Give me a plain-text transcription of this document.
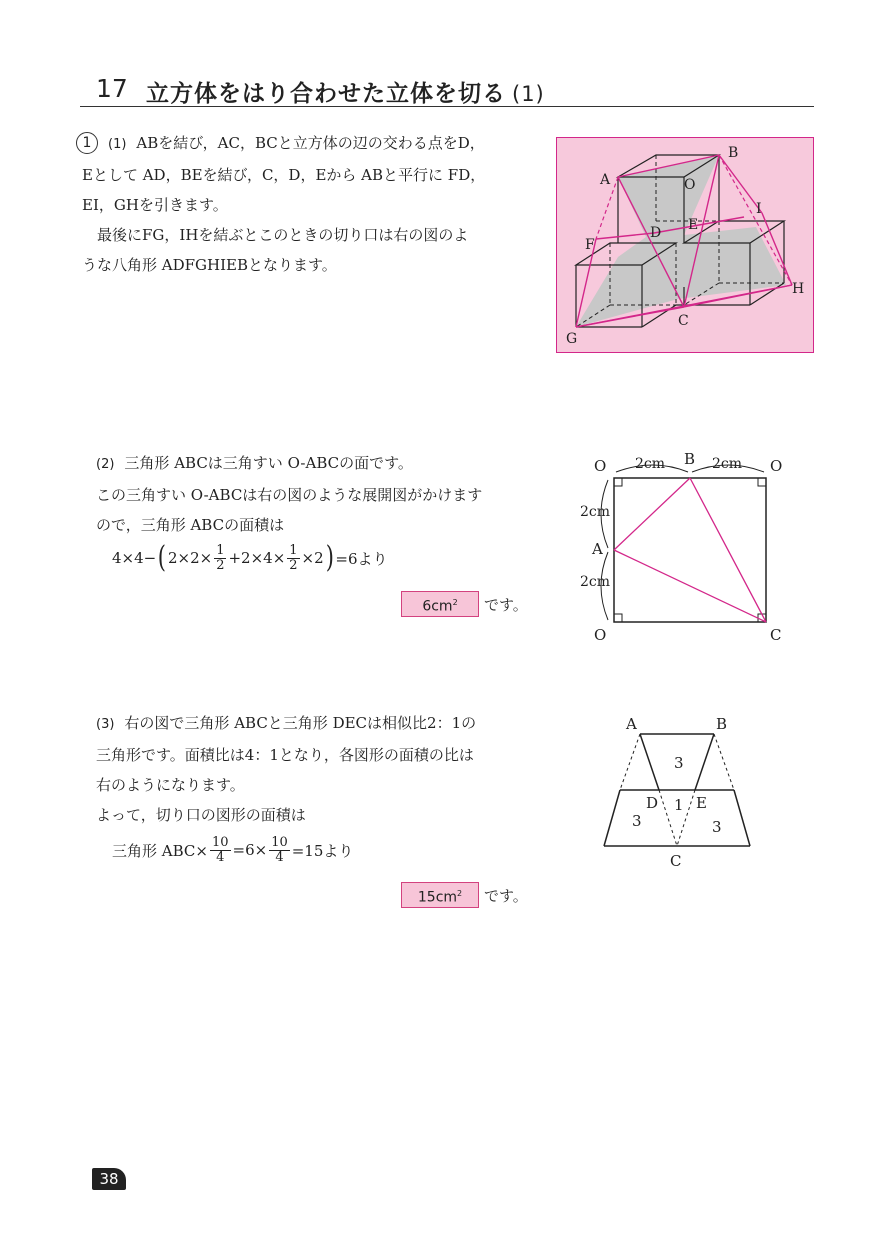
17 立方体をはり合わせた立体を切る (1)
1	(1) ABを結び，AC，BCと立方体の辺の交わる点をD，
Eとして AD，BEを結び，C，D，Eから ABと平行に FD，
EI，GHを引きます。
最後にFG，IHを結ぶとこのときの切り口は右の図のよ
うな八角形 ADFGHIEBとなります。
A
B
O
I
D E
F
H
C
G
(2) 三角形 ABCは三角すい O-ABCの面です。
この三角すい O-ABCは右の図のような展開図がかけます
ので，三角形 ABCの面積は
4×4− ( $2\times 2\times \frac{1}{2} +2\times 4\times \frac{1}{2} \times 2$ ) =6より
$6cm^2$	です。
O	O
O
B
A
C
2cm	2cm
2cm
2cm
(3) 右の図で三角形 ABCと三角形 DECは相似比2：1の
三角形です。面積比は4：1となり，各図形の面積の比は
右のようになります。
よって，切り口の図形の面積は
三角形 $ABC\times \frac{10}{4} =6\times \frac{10}{4} =15$より
$15cm^2$	です。
A	B
C
D	E
3
1
3	3
38
